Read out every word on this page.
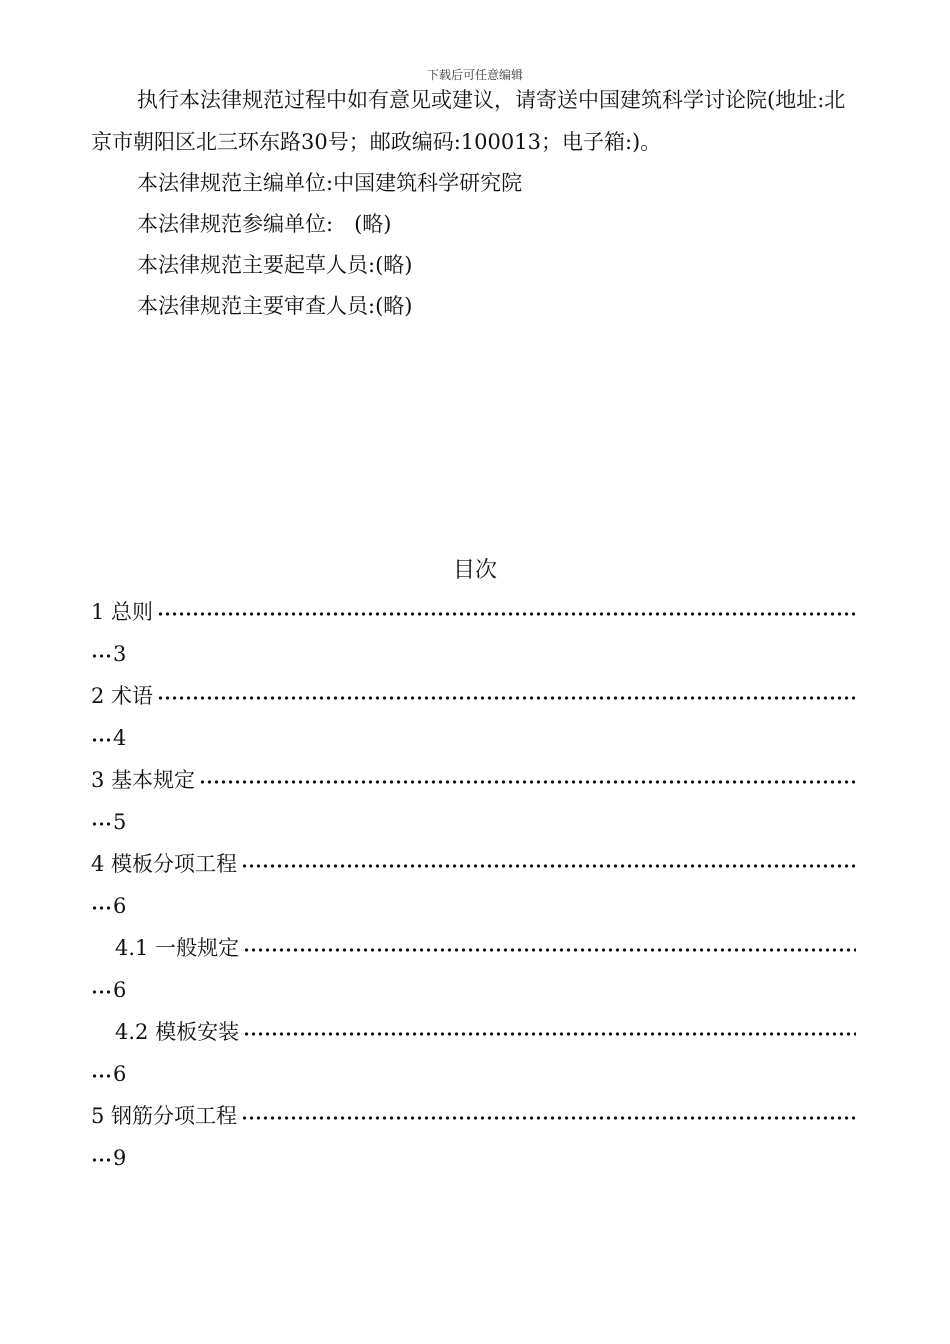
下载后可任意编辑

执行本法律规范过程中如有意见或建议，请寄送中国建筑科学讨论院(地址:北京市朝阳区北三环东路30号；邮政编码:100013；电子箱:)。

本法律规范主编单位:中国建筑科学研究院

本法律规范参编单位:　(略)

本法律规范主要起草人员:(略)

本法律规范主要审查人员:(略)

目次
1 总则
3
2 术语
4
3 基本规定
5
4 模板分项工程
6
4.1 一般规定
6
4.2 模板安装
6
5 钢筋分项工程
9
